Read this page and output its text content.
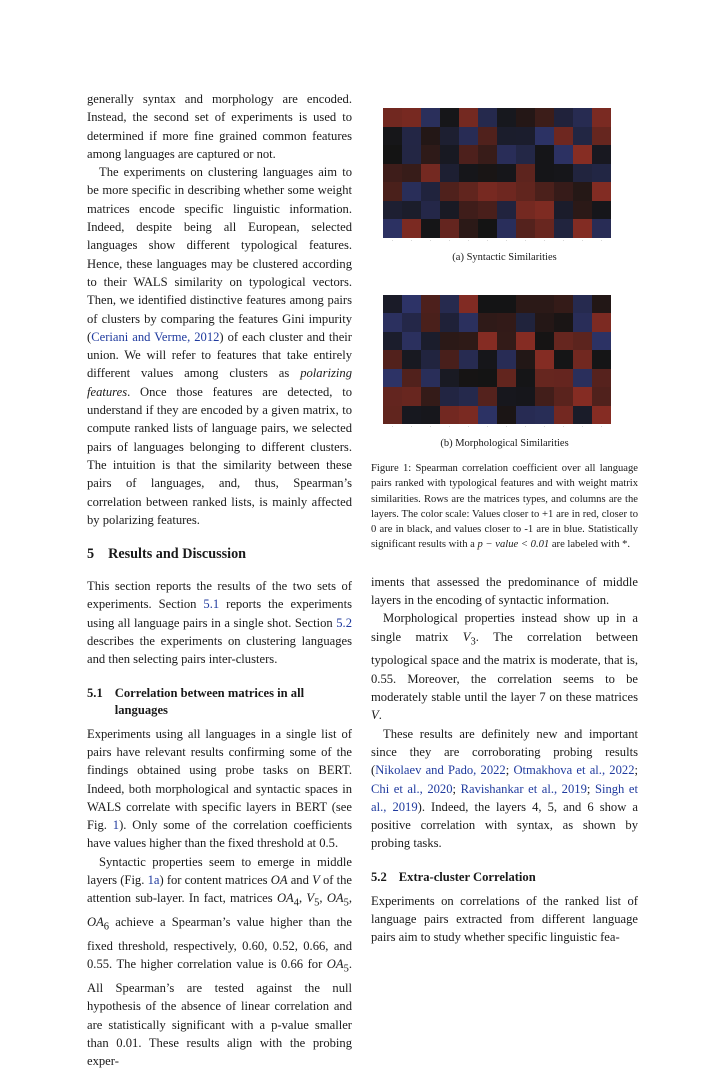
generally syntax and morphology are encoded. Instead, the second set of experiments is used to determined if more fine grained common features among languages are captured or not.

The experiments on clustering languages aim to be more specific in describing whether some weight matrices encode specific linguistic information. Indeed, despite being all European, selected languages show different typological features. Hence, these languages may be clustered according to their WALS similarity on typological vectors. Then, we identified distinctive features among pairs of clusters by comparing the features Gini impurity (Ceriani and Verme, 2012) of each cluster and their union. We will refer to features that take entirely different values among clusters as polarizing features. Once those features are detected, to understand if they are encoded by a given matrix, to compute ranked lists of language pairs, we selected pairs of languages belonging to different clusters. The intuition is that the similarity between these pairs of languages, and, thus, Spearman’s correlation between ranked lists, is mainly affected by polarizing features.

5 Results and Discussion

This section reports the results of the two sets of experiments. Section 5.1 reports the experiments using all language pairs in a single shot. Section 5.2 describes the experiments on clustering languages and then selecting pairs inter-clusters.

5.1 Correlation between matrices in all languages

Experiments using all languages in a single list of pairs have relevant results confirming some of the findings obtained using probe tasks on BERT. Indeed, both morphological and syntactic spaces in WALS correlate with specific layers in BERT (see Fig. 1). Only some of the correlation coefficients have values higher than the fixed threshold at 0.5.

Syntactic properties seem to emerge in middle layers (Fig. 1a) for content matrices OA and V of the attention sub-layer. In fact, matrices $OA_4$, $V_5$, $OA_5$, $OA_6$ achieve a Spearman’s value higher than the fixed threshold, respectively, 0.60, 0.52, 0.66, and 0.55. The higher correlation value is 0.66 for $OA_5$. All Spearman’s are tested against the null hypothesis of the absence of linear correlation and are statistically significant with a p-value smaller than 0.01. These results align with the probing exper-

·	·	·	·	·	·	·	·	·	·	·	·
(a) Syntactic Similarities
·	·	·	·	·	·	·	·	·	·	·	·
(b) Morphological Similarities
Figure 1: Spearman correlation coefficient over all language pairs ranked with typological features and with weight matrix similarities. Rows are the matrices types, and columns are the layers. The color scale: Values closer to +1 are in red, closer to 0 are in black, and values closer to -1 are in blue. Statistically significant results with a p − value < 0.01 are labeled with *.

iments that assessed the predominance of middle layers in the encoding of syntactic information.

Morphological properties instead show up in a single matrix $V_3$. The correlation between typological space and the matrix is moderate, that is, 0.55. Moreover, the correlation seems to be moderately stable until the layer 7 on these matrices V.

These results are definitely new and important since they are corroborating probing results (Nikolaev and Pado, 2022; Otmakhova et al., 2022; Chi et al., 2020; Ravishankar et al., 2019; Singh et al., 2019). Indeed, the layers 4, 5, and 6 show a positive correlation with syntax, as shown by probing tasks.

5.2 Extra-cluster Correlation

Experiments on correlations of the ranked list of language pairs extracted from different language pairs aim to study whether specific linguistic fea-
